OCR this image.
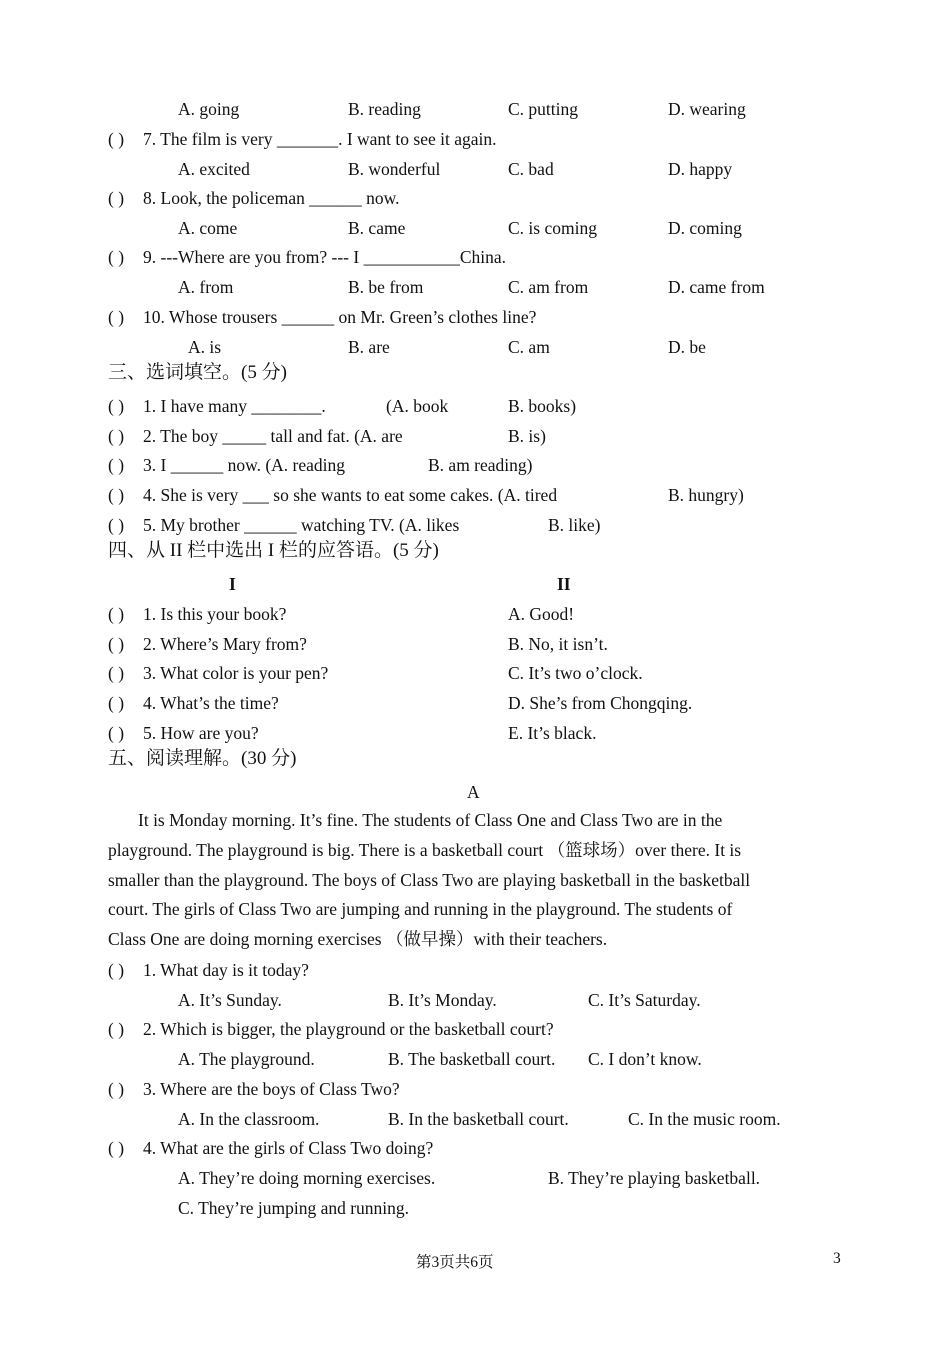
A. going	B. reading	C. putting	D. wearing
( ) 7. The film is very _______. I want to see it again.
A. excited	B. wonderful	C. bad	D. happy
( ) 8. Look, the policeman ______ now.
A. come	B. came	C. is coming	D. coming
( ) 9. ---Where are you from? --- I ___________China.
A. from	B. be from	C. am from	D. came from
( ) 10. Whose trousers ______ on Mr. Green’s clothes line?
A. is	B. are	C. am	D. be
三、选词填空。(5 分)
( ) 1. I have many ________.	(A. book	B. books)
( ) 2. The boy _____ tall and fat. (A. are	B. is)
( ) 3. I ______ now. (A. reading	B. am reading)
( ) 4. She is very ___ so she wants to eat some cakes. (A. tired	B. hungry)
( ) 5. My brother ______ watching TV. (A. likes	B. like)
四、从 II 栏中选出 I 栏的应答语。(5 分)
I	II
( ) 1. Is this your book?	A. Good!
( ) 2. Where’s Mary from?	B. No, it isn’t.
( ) 3. What color is your pen?	C. It’s two o’clock.
( ) 4. What’s the time?	D. She’s from Chongqing.
( ) 5. How are you?	E. It’s black.
五、阅读理解。(30 分)
A
It is Monday morning. It’s fine. The students of Class One and Class Two are in the
playground. The playground is big. There is a basketball court （篮球场）over there. It is
smaller than the playground. The boys of Class Two are playing basketball in the basketball
court. The girls of Class Two are jumping and running in the playground. The students of
Class One are doing morning exercises （做早操）with their teachers.
( ) 1. What day is it today?
A. It’s Sunday.	B. It’s Monday.	C. It’s Saturday.
( ) 2. Which is bigger, the playground or the basketball court?
A. The playground.	B. The basketball court. C. I don’t know.
( ) 3. Where are the boys of Class Two?
A. In the classroom.	B. In the basketball court.	C. In the music room.
( ) 4. What are the girls of Class Two doing?
A. They’re doing morning exercises.	B. They’re playing basketball.
C. They’re jumping and running.
第3页共6页	3
